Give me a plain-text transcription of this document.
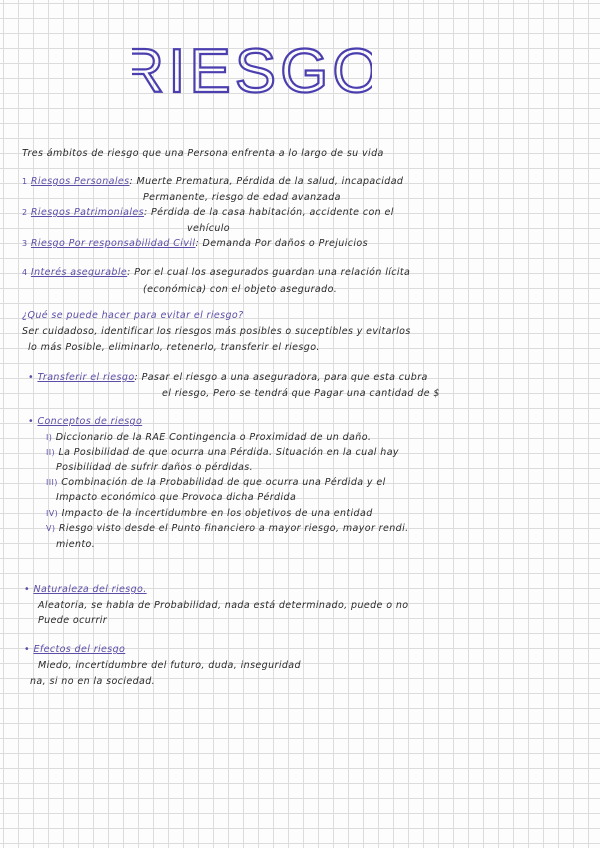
RIESGO
Tres ámbitos de riesgo que una Persona enfrenta a lo largo de su vida
1 Riesgos Personales: Muerte Prematura, Pérdida de la salud, incapacidad
Permanente, riesgo de edad avanzada
2 Riesgos Patrimoniales: Pérdida de la casa habitación, accidente con el
vehículo
3 Riesgo Por responsabilidad Civil: Demanda Por daños o Prejuicios
4 Interés asegurable: Por el cual los asegurados guardan una relación lícita
(económica) con el objeto asegurado.
¿Qué se puede hacer para evitar el riesgo?
Ser cuidadoso, identificar los riesgos más posibles o suceptibles y evitarlos
lo más Posible, eliminarlo, retenerlo, transferir el riesgo.
• Transferir el riesgo: Pasar el riesgo a una aseguradora, para que esta cubra
el riesgo, Pero se tendrá que Pagar una cantidad de $
• Conceptos de riesgo
I) Diccionario de la RAE Contingencia o Proximidad de un daño.
II) La Posibilidad de que ocurra una Pérdida. Situación en la cual hay
Posibilidad de sufrir daños o pérdidas.
III) Combinación de la Probabilidad de que ocurra una Pérdida y el
Impacto económico que Provoca dicha Pérdida
IV) Impacto de la incertidumbre en los objetivos de una entidad
V) Riesgo visto desde el Punto financiero a mayor riesgo, mayor rendi.
miento.
• Naturaleza del riesgo.
Aleatoria, se habla de Probabilidad, nada está determinado, puede o no
Puede ocurrir
• Efectos del riesgo
Miedo, incertidumbre del futuro, duda, inseguridad
na, si no en la sociedad.
